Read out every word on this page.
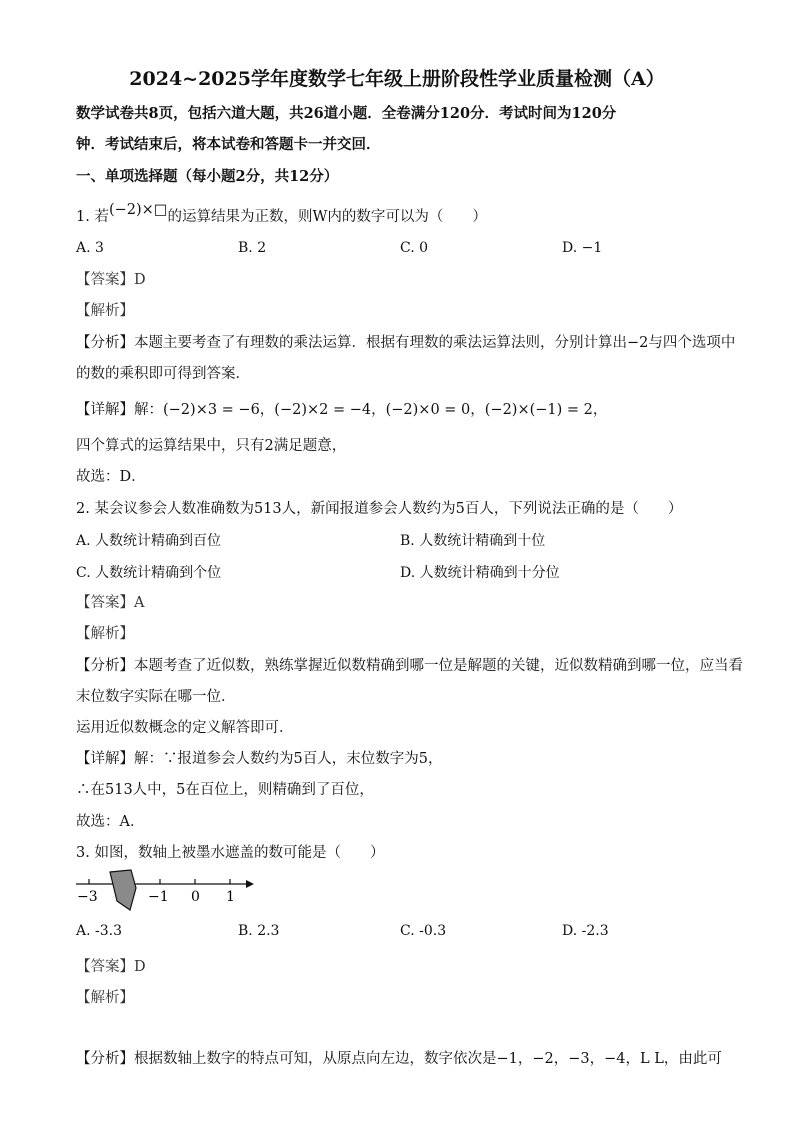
2024~2025学年度数学七年级上册阶段性学业质量检测（A）
数学试卷共8页，包括六道大题，共26道小题．全卷满分120分．考试时间为120分
钟．考试结束后，将本试卷和答题卡一并交回．
一、单项选择题（每小题2分，共12分）
1. 若(−2)×□的运算结果为正数，则W内的数字可以为（　　）
A. 3	B. 2	C. 0	D. −1
【答案】D
【解析】
【分析】本题主要考查了有理数的乘法运算．根据有理数的乘法运算法则，分别计算出−2与四个选项中
的数的乘积即可得到答案．
【详解】解：(−2)×3 = −6，(−2)×2 = −4，(−2)×0 = 0，(−2)×(−1) = 2，
四个算式的运算结果中，只有2满足题意，
故选：D．
2. 某会议参会人数准确数为513人，新闻报道参会人数约为5百人，下列说法正确的是（　　）
A. 人数统计精确到百位	B. 人数统计精确到十位
C. 人数统计精确到个位	D. 人数统计精确到十分位
【答案】A
【解析】
【分析】本题考查了近似数，熟练掌握近似数精确到哪一位是解题的关键，近似数精确到哪一位，应当看
末位数字实际在哪一位．
运用近似数概念的定义解答即可．
【详解】解：∵报道参会人数约为5百人，末位数字为5，
∴在513人中，5在百位上，则精确到了百位，
故选：A．
3. 如图，数轴上被墨水遮盖的数可能是（　　）
−3	−1 0 1
A. -3.3	B. 2.3	C. -0.3	D. -2.3
【答案】D
【解析】
【分析】根据数轴上数字的特点可知，从原点向左边，数字依次是−1，−2，−3，−4，L L，由此可
